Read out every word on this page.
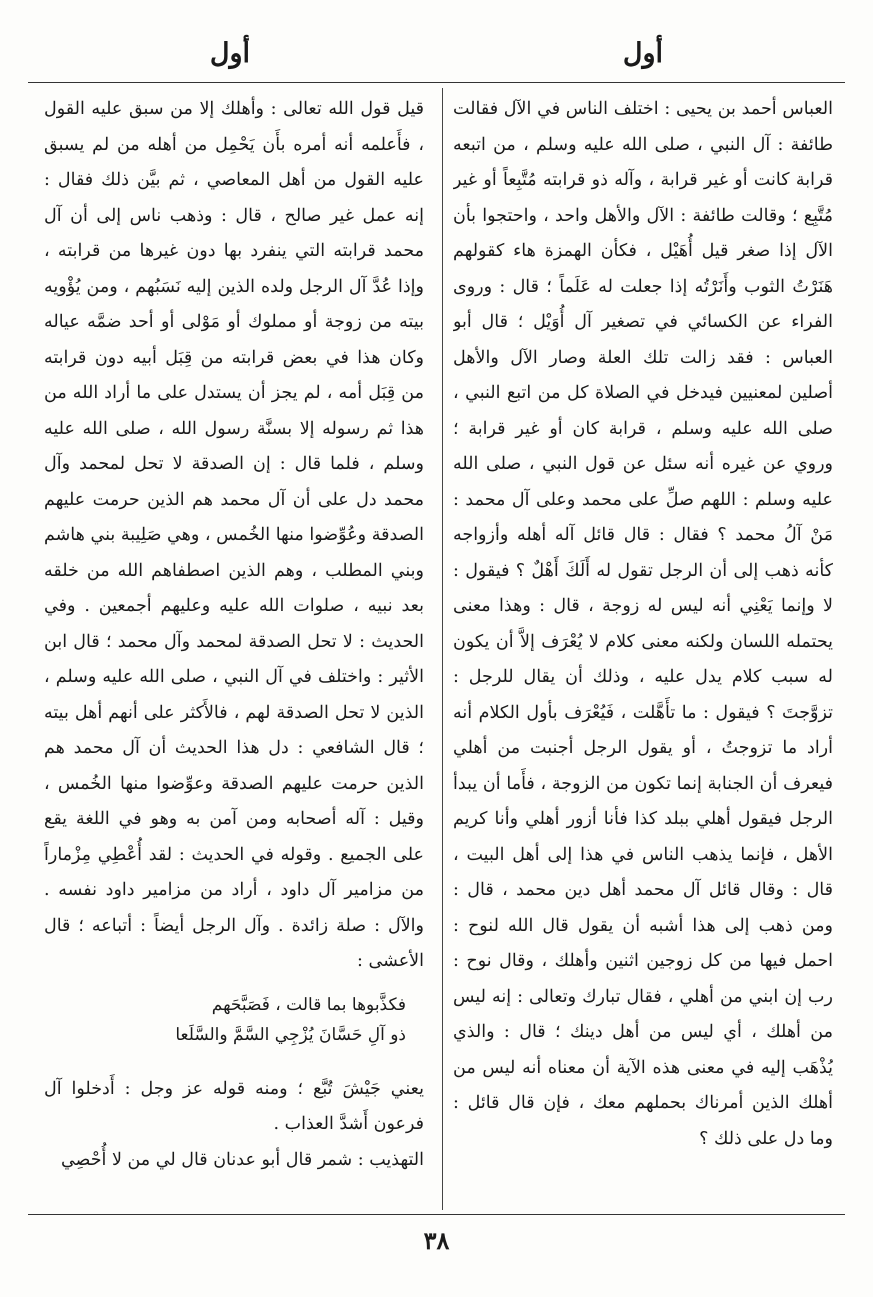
أول
أول

العباس أحمد بن يحيى : اختلف الناس في الآل فقالت طائفة : آل النبي ، صلى الله عليه وسلم ، من اتبعه قرابة كانت أو غير قرابة ، وآله ذو قرابته مُتَّبِعاً أو غير مُتَّبِع ؛ وقالت طائفة : الآل والأهل واحد ، واحتجوا بأن الآل إذا صغر قيل أُهَيْل ، فكأن الهمزة هاء كقولهم هَنَرْتُ الثوب وأَنَرْتُه إذا جعلت له عَلَماً ؛ قال : وروى الفراء عن الكسائي في تصغير آل أُوَيْل ؛ قال أبو العباس : فقد زالت تلك العلة وصار الآل والأهل أصلين لمعنيين فيدخل في الصلاة كل من اتبع النبي ، صلى الله عليه وسلم ، قرابة كان أو غير قرابة ؛ وروي عن غيره أنه سئل عن قول النبي ، صلى الله عليه وسلم : اللهم صلِّ على محمد وعلى آل محمد : مَنْ آلُ محمد ؟ فقال : قال قائل آله أهله وأزواجه كأنه ذهب إلى أن الرجل تقول له أَلَكَ أَهْلٌ ؟ فيقول : لا وإنما يَعْنِي أنه ليس له زوجة ، قال : وهذا معنى يحتمله اللسان ولكنه معنى كلام لا يُعْرَف إلاَّ أن يكون له سبب كلام يدل عليه ، وذلك أن يقال للرجل : تزوَّجتَ ؟ فيقول : ما تأَهَّلت ، فَيُعْرَف بأول الكلام أنه أراد ما تزوجتُ ، أو يقول الرجل أجنبت من أهلي فيعرف أن الجنابة إنما تكون من الزوجة ، فأَما أن يبدأ الرجل فيقول أهلي ببلد كذا فأنا أزور أهلي وأنا كريم الأهل ، فإنما يذهب الناس في هذا إلى أهل البيت ، قال : وقال قائل آل محمد أهل دين محمد ، قال : ومن ذهب إلى هذا أشبه أن يقول قال الله لنوح : احمل فيها من كل زوجين اثنين وأهلك ، وقال نوح : رب إن ابني من أهلي ، فقال تبارك وتعالى : إنه ليس من أهلك ، أي ليس من أهل دينك ؛ قال : والذي يُذْهَب إليه في معنى هذه الآية أن معناه أنه ليس من أهلك الذين أمرناك بحملهم معك ، فإن قال قائل : وما دل على ذلك ؟

قيل قول الله تعالى : وأهلك إلا من سبق عليه القول ، فأَعلمه أنه أمره بأَن يَحْمِل من أهله من لم يسبق عليه القول من أهل المعاصي ، ثم بيَّن ذلك فقال : إنه عمل غير صالح ، قال : وذهب ناس إلى أن آل محمد قرابته التي ينفرد بها دون غيرها من قرابته ، وإذا عُدَّ آل الرجل ولده الذين إليه نَسَبُهم ، ومن يُؤْويه بيته من زوجة أو مملوك أو مَوْلى أو أحد ضمَّه عياله وكان هذا في بعض قرابته من قِبَل أبيه دون قرابته من قِبَل أمه ، لم يجز أن يستدل على ما أراد الله من هذا ثم رسوله إلا بسنَّة رسول الله ، صلى الله عليه وسلم ، فلما قال : إن الصدقة لا تحل لمحمد وآل محمد دل على أن آل محمد هم الذين حرمت عليهم الصدقة وعُوِّضوا منها الخُمس ، وهي صَلِيبة بني هاشم وبني المطلب ، وهم الذين اصطفاهم الله من خلقه بعد نبيه ، صلوات الله عليه وعليهم أجمعين . وفي الحديث : لا تحل الصدقة لمحمد وآل محمد ؛ قال ابن الأثير : واختلف في آل النبي ، صلى الله عليه وسلم ، الذين لا تحل الصدقة لهم ، فالأَكثر على أنهم أهل بيته ؛ قال الشافعي : دل هذا الحديث أن آل محمد هم الذين حرمت عليهم الصدقة وعوِّضوا منها الخُمس ، وقيل : آله أصحابه ومن آمن به وهو في اللغة يقع على الجميع . وقوله في الحديث : لقد أُعْطِي مِزْماراً من مزامير آل داود ، أراد من مزامير داود نفسه . والآل : صلة زائدة . وآل الرجل أيضاً : أتباعه ؛ قال الأعشى :

فكذَّبوها بما قالت ، فَصَبَّحَهم
ذو آلِ حَسَّانَ يُزْجِي السَّمَّ والسَّلَعا

يعني جَيْشَ تُبَّع ؛ ومنه قوله عز وجل : أَدخلوا آل فرعون أَشدَّ العذاب .

التهذيب : شمر قال أبو عدنان قال لي من لا أُحْصِي

٣٨
